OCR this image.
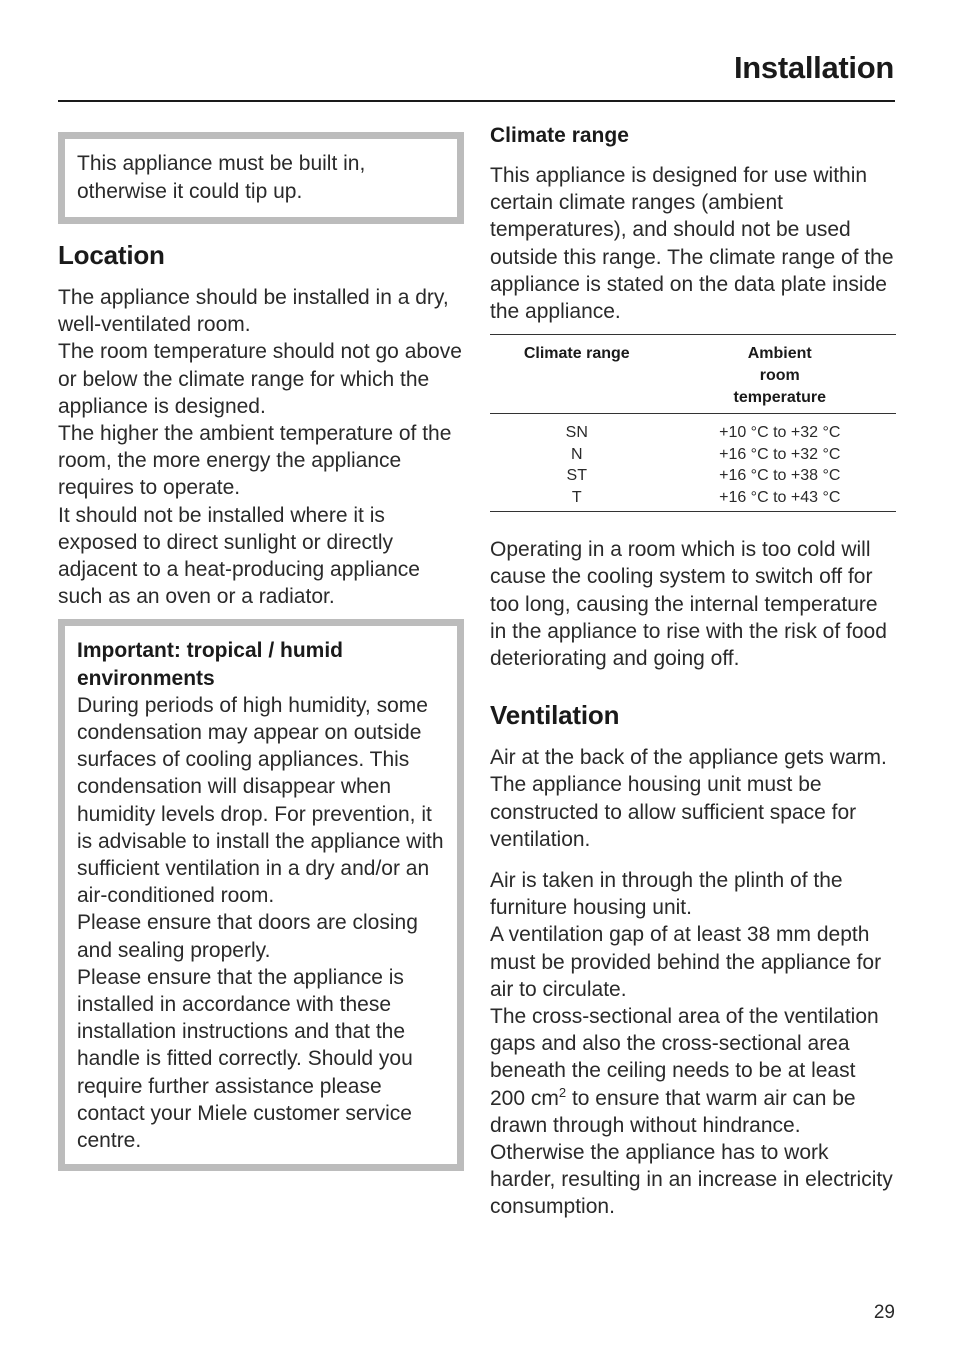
Installation

This appliance must be built in, otherwise it could tip up.

Location

The appliance should be installed in a dry, well-ventilated room.

The room temperature should not go above or below the climate range for which the appliance is designed.

The higher the ambient temperature of the room, the more energy the appliance requires to operate.

It should not be installed where it is exposed to direct sunlight or directly adjacent to a heat-producing appliance such as an oven or a radiator.

Important: tropical / humid environments

During periods of high humidity, some condensation may appear on outside surfaces of cooling appliances. This condensation will disappear when humidity levels drop. For prevention, it is advisable to install the appliance with sufficient ventilation in a dry and/or an air-conditioned room.

Please ensure that doors are closing and sealing properly.

Please ensure that the appliance is installed in accordance with these installation instructions and that the handle is fitted correctly. Should you require further assistance please contact your Miele customer service centre.

Climate range

This appliance is designed for use within certain climate ranges (ambient temperatures), and should not be used outside this range. The climate range of the appliance is stated on the data plate inside the appliance.

Climate range	Ambient room temperature
SN	+10 °C to +32 °C
N	+16 °C to +32 °C
ST	+16 °C to +38 °C
T	+16 °C to +43 °C

Operating in a room which is too cold will cause the cooling system to switch off for too long, causing the internal temperature in the appliance to rise with the risk of food deteriorating and going off.

Ventilation

Air at the back of the appliance gets warm. The appliance housing unit must be constructed to allow sufficient space for ventilation.

Air is taken in through the plinth of the furniture housing unit.

A ventilation gap of at least 38 mm depth must be provided behind the appliance for air to circulate.

The cross-sectional area of the ventilation gaps and also the cross-sectional area beneath the ceiling needs to be at least 200 $cm^2$ to ensure that warm air can be drawn through without hindrance. Otherwise the appliance has to work harder, resulting in an increase in electricity consumption.

29
